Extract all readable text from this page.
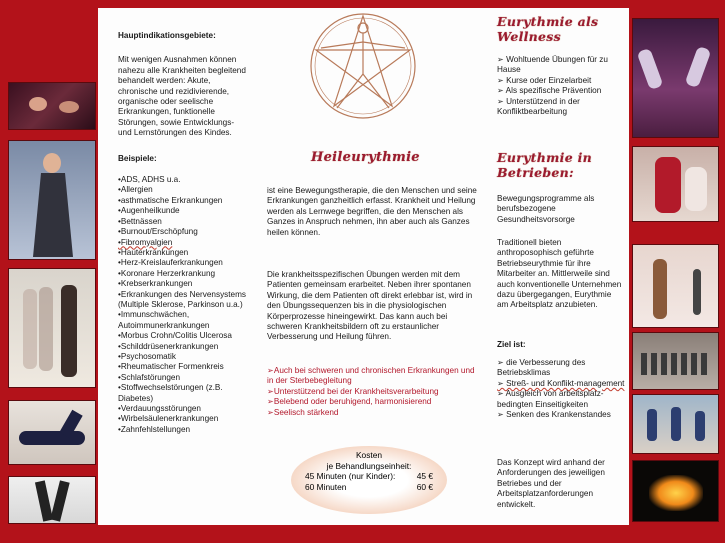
Hauptindikationsgebiete:

Mit wenigen Ausnahmen können nahezu alle Krankheiten begleitend behandelt werden: Akute, chronische und rezidivierende, organische oder seelische Erkrankungen, funktionelle Störungen, sowie Entwicklungs- und Lernstörungen des Kindes.

Beispiele:

•ADS, ADHS u.a.
•Allergien
•asthmatische Erkrankungen
•Augenheilkunde
•Bettnässen
•Burnout/Erschöpfung
•Fibromyalgien
•Hauterkrankungen
•Herz-Kreislauferkrankungen
•Koronare Herzerkrankung
•Krebserkrankungen
•Erkrankungen des Nervensystems (Multiple Sklerose, Parkinson u.a.)
•Immunschwächen, Autoimmunerkrankungen
•Morbus Crohn/Colitis Ulcerosa
•Schilddrüsenerkrankungen
•Psychosomatik
•Rheumatischer Formenkreis
•Schlafstörungen
•Stoffwechselstörungen (z.B. Diabetes)
•Verdauungsstörungen
•Wirbelsäulenerkrankungen
•Zahnfehlstellungen
Heileurythmie

ist eine Bewegungstherapie, die den Menschen und seine Erkrankungen ganzheitlich erfasst. Krankheit und Heilung werden als Lernwege begriffen, die den Menschen als Ganzes in Anspruch nehmen, ihn aber auch als Ganzes heilen können.

Die krankheitsspezifischen Übungen werden mit dem Patienten gemeinsam erarbeitet. Neben ihrer spontanen Wirkung, die dem Patienten oft direkt erlebbar ist, wird in den Übungssequenzen bis in die physiologischen Körperprozesse hineingewirkt. Das kann auch bei schweren Krankheitsbildern oft zu erstaunlicher Verbesserung und Heilung führen.

➢Auch bei schweren und chronischen Erkrankungen und in der Sterbebegleitung
➢Unterstützend bei der Krankheitsverarbeitung
➢Belebend oder beruhigend, harmonisierend
➢Seelisch stärkend
Kosten
je Behandlungseinheit:
45 Minuten (nur Kinder):	45 €
60 Minuten	60 €
Eurythmie als Wellness
➢ Wohltuende Übungen für zu Hause
➢ Kurse oder Einzelarbeit
➢ Als spezifische Prävention
➢ Unterstützend in der Konfliktbearbeitung
Eurythmie in Betrieben:

Bewegungsprogramme als berufsbezogene Gesundheitsvorsorge

Traditionell bieten anthroposophisch geführte Betriebseurythmie für ihre Mitarbeiter an. Mittlerweile sind auch konventionelle Unternehmen dazu übergegangen, Eurythmie am Arbeitsplatz anzubieten.

Ziel ist:

➢ die Verbesserung des Betriebsklimas
➢ Streß- und Konflikt-management
➢ Ausgleich von arbeitsplatz-bedingten Einseitigkeiten
➢ Senken des Krankenstandes

Das Konzept wird anhand der Anforderungen des jeweiligen Betriebes und der Arbeitsplatzanforderungen entwickelt.
